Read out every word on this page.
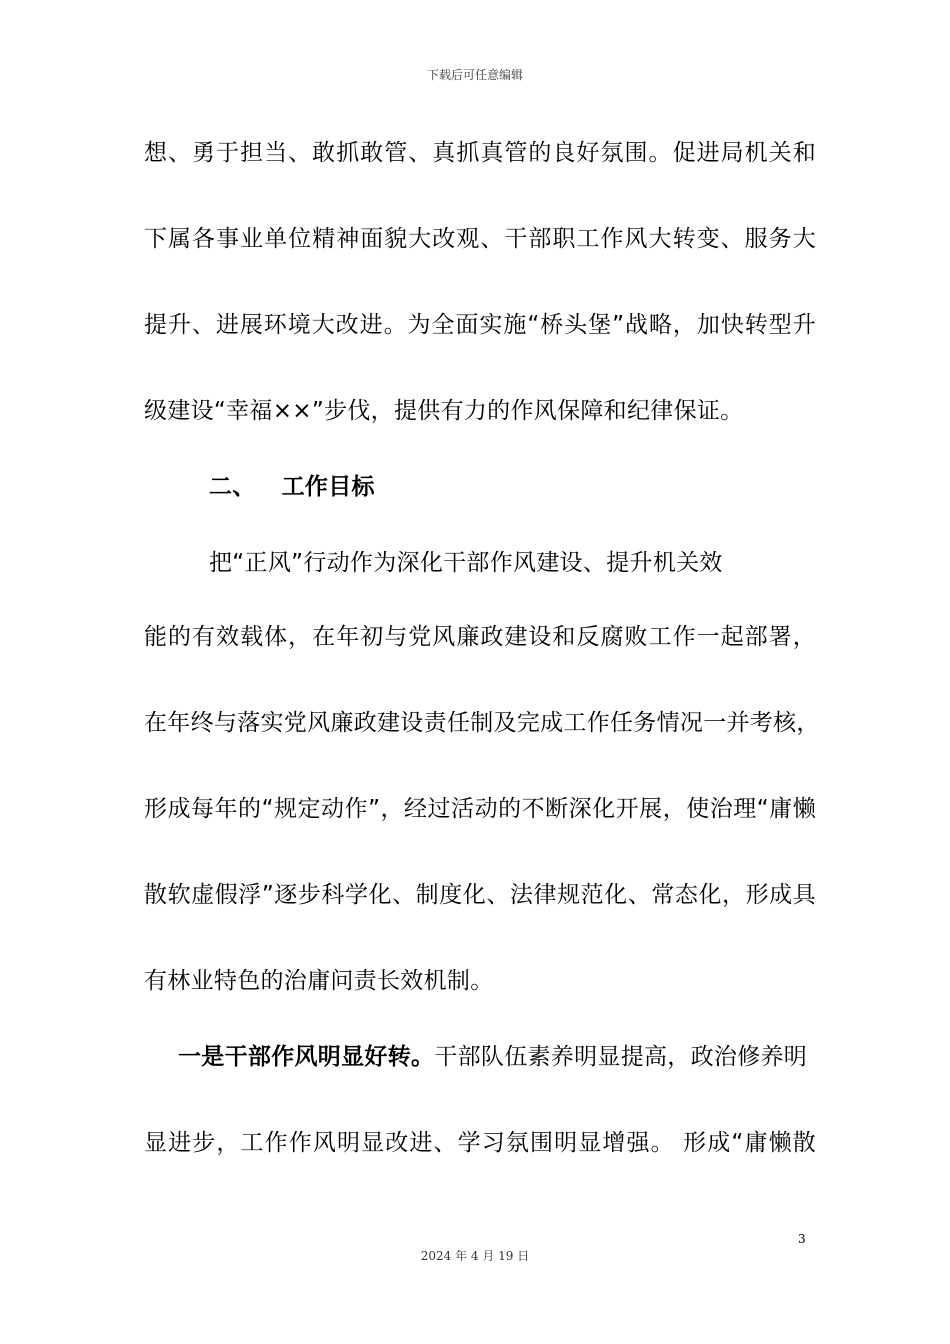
下载后可任意编辑
想、勇于担当、敢抓敢管、真抓真管的良好氛围。促进局机关和
下属各事业单位精神面貌大改观、干部职工作风大转变、服务大
提升、进展环境大改进。为全面实施“桥头堡”战略，加快转型升
级建设“幸福××”步伐，提供有力的作风保障和纪律保证。
二、 工作目标
把“正风”行动作为深化干部作风建设、提升机关效
能的有效载体，在年初与党风廉政建设和反腐败工作一起部署，
在年终与落实党风廉政建设责任制及完成工作任务情况一并考核，
形成每年的“规定动作”，经过活动的不断深化开展，使治理“庸懒
散软虚假浮”逐步科学化、制度化、法律规范化、常态化，形成具
有林业特色的治庸问责长效机制。
一是干部作风明显好转。干部队伍素养明显提高，政治修养明
显进步，工作作风明显改进、学习氛围明显增强。 形成“庸懒散
3
2024 年 4 月 19 日
